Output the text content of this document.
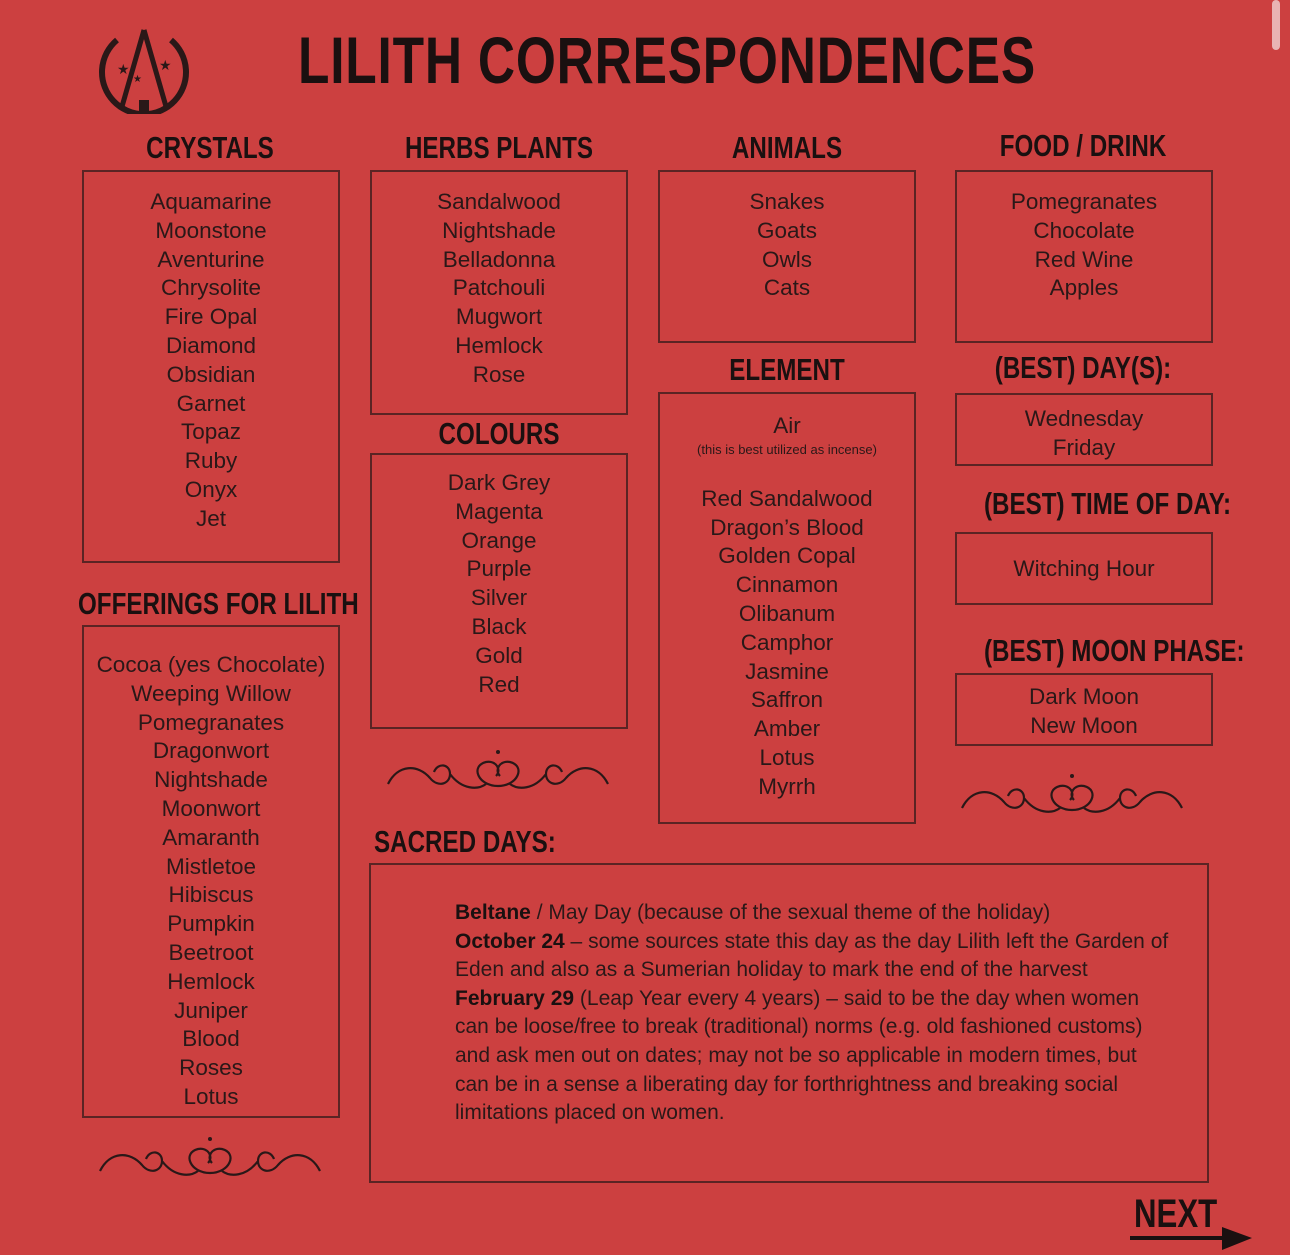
★ ★
★ LILITH CORRESPONDENCES
CRYSTALS	HERBS PLANTS	ANIMALS	FOOD / DRINK
Aquamarine
Moonstone
Aventurine
Chrysolite
Fire Opal
Diamond
Obsidian
Garnet
Topaz
Ruby
Onyx
Jet
Sandalwood
Nightshade
Belladonna
Patchouli
Mugwort
Hemlock
Rose
Snakes
Goats
Owls
Cats
Pomegranates
Chocolate
Red Wine
Apples
ELEMENT
Air
(this is best utilized as incense)
Red Sandalwood
Dragon’s Blood
Golden Copal
Cinnamon
Olibanum
Camphor
Jasmine
Saffron
Amber
Lotus
Myrrh
(BEST) DAY(S):
Wednesday
Friday
(BEST) TIME OF DAY:
Witching Hour
(BEST) MOON PHASE:
Dark Moon
New Moon
COLOURS
Dark Grey
Magenta
Orange
Purple
Silver
Black
Gold
Red
OFFERINGS FOR LILITH
Cocoa (yes Chocolate)
Weeping Willow
Pomegranates
Dragonwort
Nightshade
Moonwort
Amaranth
Mistletoe
Hibiscus
Pumpkin
Beetroot
Hemlock
Juniper
Blood
Roses
Lotus
SACRED DAYS:
Beltane / May Day (because of the sexual theme of the holiday)
October 24 – some sources state this day as the day Lilith left the Garden of Eden and also as a Sumerian holiday to mark the end of the harvest
February 29 (Leap Year every 4 years) – said to be the day when women can be loose/free to break (traditional) norms (e.g. old fashioned customs) and ask men out on dates; may not be so applicable in modern times, but can be in a sense a liberating day for forthrightness and breaking social limitations placed on women.
NEXT
